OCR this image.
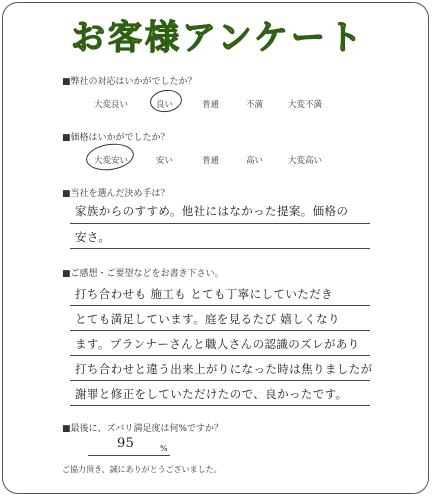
お客様アンケート
■弊社の対応はいかがでしたか？
大変良い	良い	普通	不満	大変不満
■価格はいかがでしたか？
大変安い	安い	普通	高い	大変高い
■当社を選んだ決め手は？
家族からのすすめ。他社にはなかった提案。価格の
安さ。
■ご感想・ご要望などをお書き下さい。
打ち合わせも 施工も とても丁寧にしていただき
とても満足しています。庭を見るたび 嬉しくなり
ます。プランナーさんと職人さんの認識のズレがあり
打ち合わせと違う出来上がりになった時は焦りましたが
謝罪と修正をしていただけたので、良かったです。
■最後に、ズバリ満足度は何%ですか？
95	%
ご協力頂き、誠にありがとうございました。
